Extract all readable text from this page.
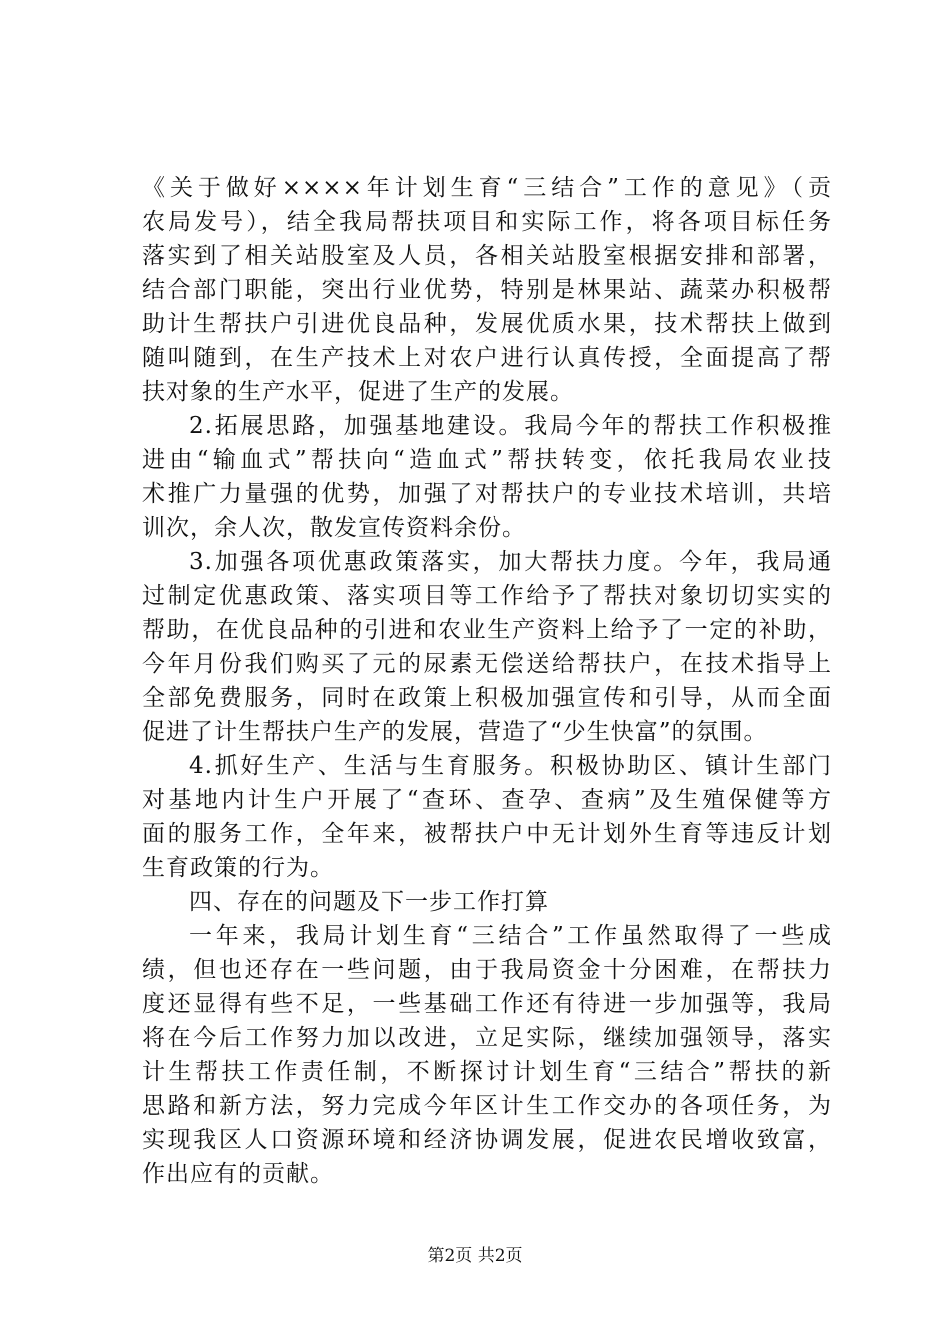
《关于做好××××年计划生育“三结合”工作的意见》（贡
农局发号），结全我局帮扶项目和实际工作，将各项目标任务
落实到了相关站股室及人员，各相关站股室根据安排和部署，
结合部门职能，突出行业优势，特别是林果站、蔬菜办积极帮
助计生帮扶户引进优良品种，发展优质水果，技术帮扶上做到
随叫随到，在生产技术上对农户进行认真传授，全面提高了帮
扶对象的生产水平，促进了生产的发展。
2.拓展思路，加强基地建设。我局今年的帮扶工作积极推
进由“输血式”帮扶向“造血式”帮扶转变，依托我局农业技
术推广力量强的优势，加强了对帮扶户的专业技术培训，共培
训次，余人次，散发宣传资料余份。
3.加强各项优惠政策落实，加大帮扶力度。今年，我局通
过制定优惠政策、落实项目等工作给予了帮扶对象切切实实的
帮助，在优良品种的引进和农业生产资料上给予了一定的补助，
今年月份我们购买了元的尿素无偿送给帮扶户，在技术指导上
全部免费服务，同时在政策上积极加强宣传和引导，从而全面
促进了计生帮扶户生产的发展，营造了“少生快富”的氛围。
4.抓好生产、生活与生育服务。积极协助区、镇计生部门
对基地内计生户开展了“查环、查孕、查病”及生殖保健等方
面的服务工作，全年来，被帮扶户中无计划外生育等违反计划
生育政策的行为。
四、存在的问题及下一步工作打算
一年来，我局计划生育“三结合”工作虽然取得了一些成
绩，但也还存在一些问题，由于我局资金十分困难，在帮扶力
度还显得有些不足，一些基础工作还有待进一步加强等，我局
将在今后工作努力加以改进，立足实际，继续加强领导，落实
计生帮扶工作责任制，不断探讨计划生育“三结合”帮扶的新
思路和新方法，努力完成今年区计生工作交办的各项任务，为
实现我区人口资源环境和经济协调发展，促进农民增收致富，
作出应有的贡献。
第2页 共2页
